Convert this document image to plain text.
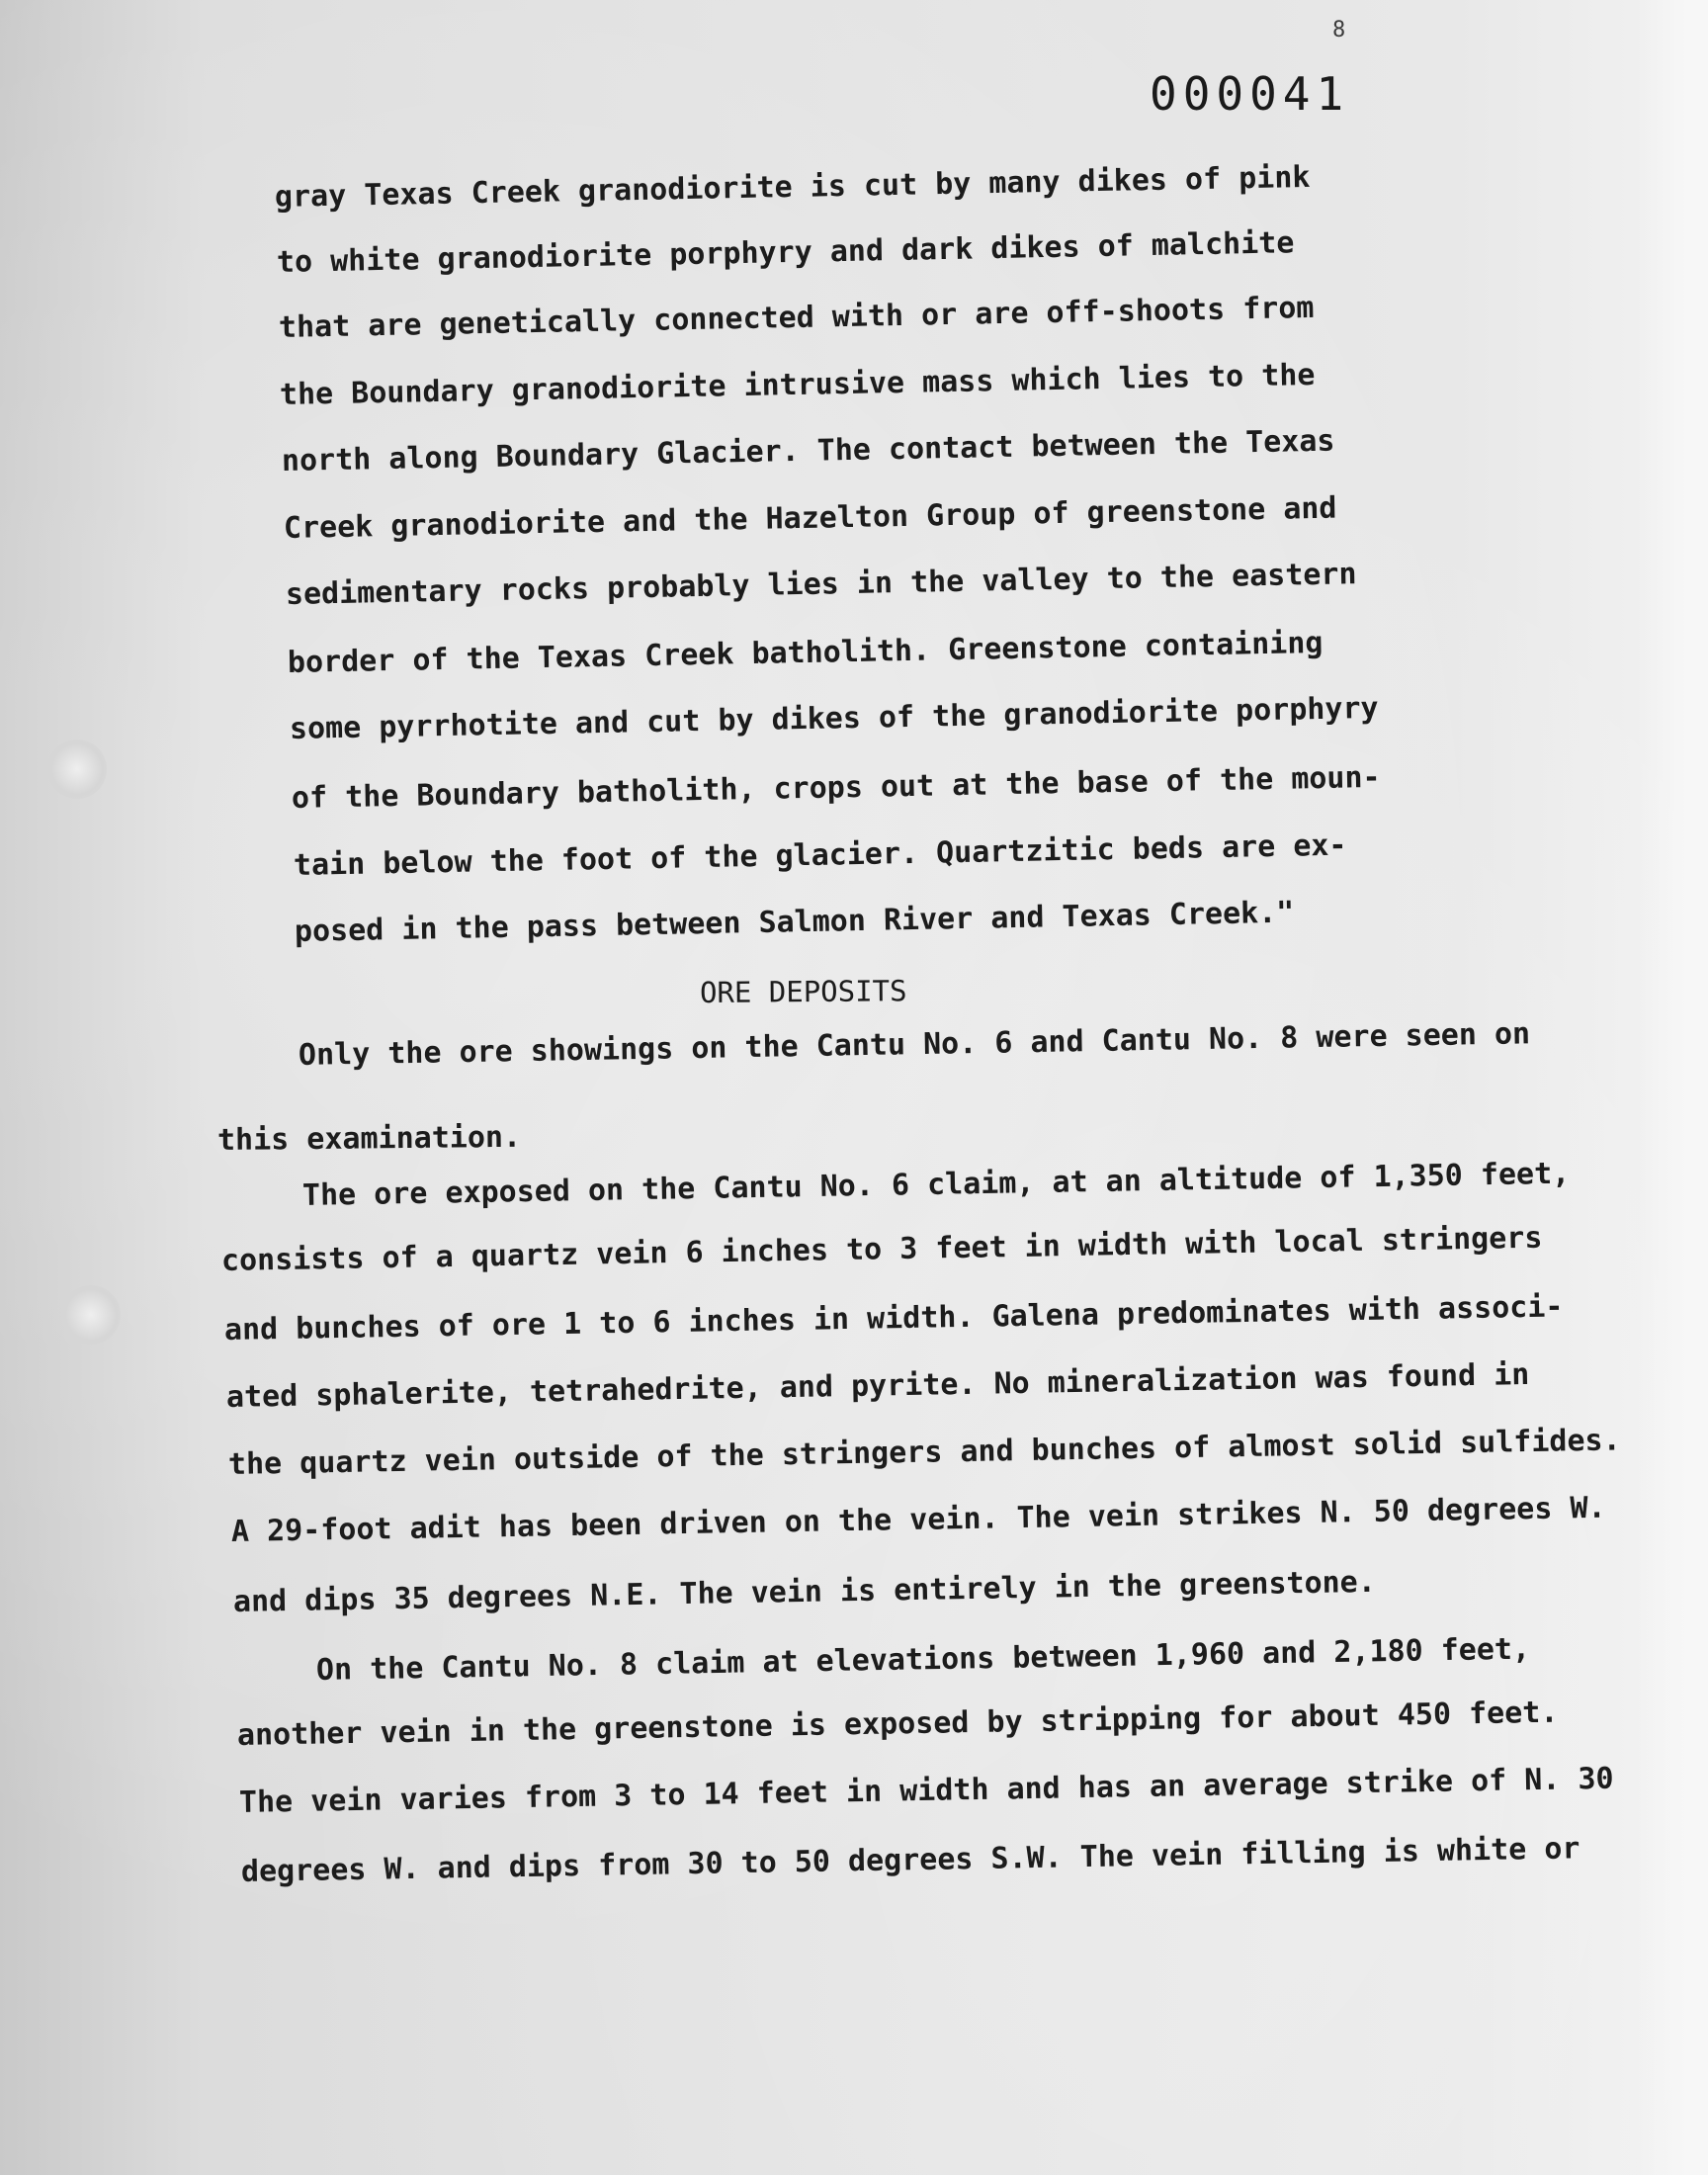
8
000041
gray Texas Creek granodiorite is cut by many dikes of pink
to white granodiorite porphyry and dark dikes of malchite
that are genetically connected with or are off-shoots from
the Boundary granodiorite intrusive mass which lies to the
north along Boundary Glacier. The contact between the Texas
Creek granodiorite and the Hazelton Group of greenstone and
sedimentary rocks probably lies in the valley to the eastern
border of the Texas Creek batholith. Greenstone containing
some pyrrhotite and cut by dikes of the granodiorite porphyry
of the Boundary batholith, crops out at the base of the moun-
tain below the foot of the glacier. Quartzitic beds are ex-
posed in the pass between Salmon River and Texas Creek."
ORE DEPOSITS
Only the ore showings on the Cantu No. 6 and Cantu No. 8 were seen on
this examination.
The ore exposed on the Cantu No. 6 claim, at an altitude of 1,350 feet,
consists of a quartz vein 6 inches to 3 feet in width with local stringers
and bunches of ore 1 to 6 inches in width. Galena predominates with associ-
ated sphalerite, tetrahedrite, and pyrite. No mineralization was found in
the quartz vein outside of the stringers and bunches of almost solid sulfides.
A 29-foot adit has been driven on the vein. The vein strikes N. 50 degrees W.
and dips 35 degrees N.E. The vein is entirely in the greenstone.
On the Cantu No. 8 claim at elevations between 1,960 and 2,180 feet,
another vein in the greenstone is exposed by stripping for about 450 feet.
The vein varies from 3 to 14 feet in width and has an average strike of N. 30
degrees W. and dips from 30 to 50 degrees S.W. The vein filling is white or
